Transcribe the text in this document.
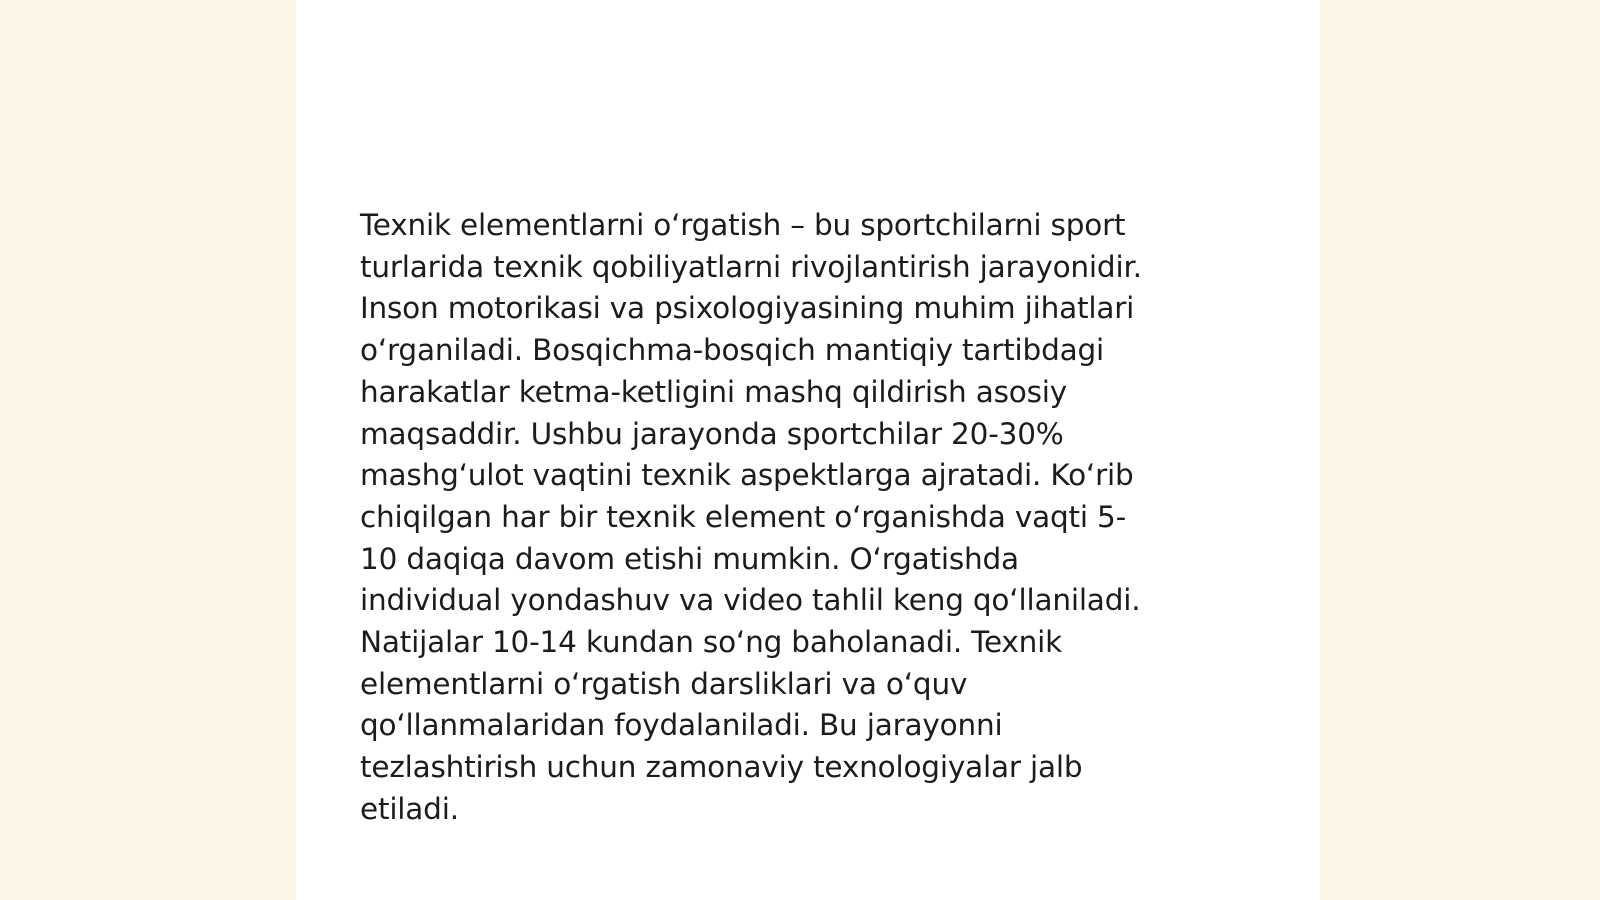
Texnik elementlarni oʻrgatish – bu sportchilarni sport
turlarida texnik qobiliyatlarni rivojlantirish jarayonidir.
Inson motorikasi va psixologiyasining muhim jihatlari
oʻrganiladi. Bosqichma-bosqich mantiqiy tartibdagi
harakatlar ketma-ketligini mashq qildirish asosiy
maqsaddir. Ushbu jarayonda sportchilar 20-30%
mashgʻulot vaqtini texnik aspektlarga ajratadi. Koʻrib
chiqilgan har bir texnik element oʻrganishda vaqti 5-
10 daqiqa davom etishi mumkin. Oʻrgatishda
individual yondashuv va video tahlil keng qoʻllaniladi.
Natijalar 10-14 kundan soʻng baholanadi. Texnik
elementlarni oʻrgatish darsliklari va oʻquv
qoʻllanmalaridan foydalaniladi. Bu jarayonni
tezlashtirish uchun zamonaviy texnologiyalar jalb
etiladi.
